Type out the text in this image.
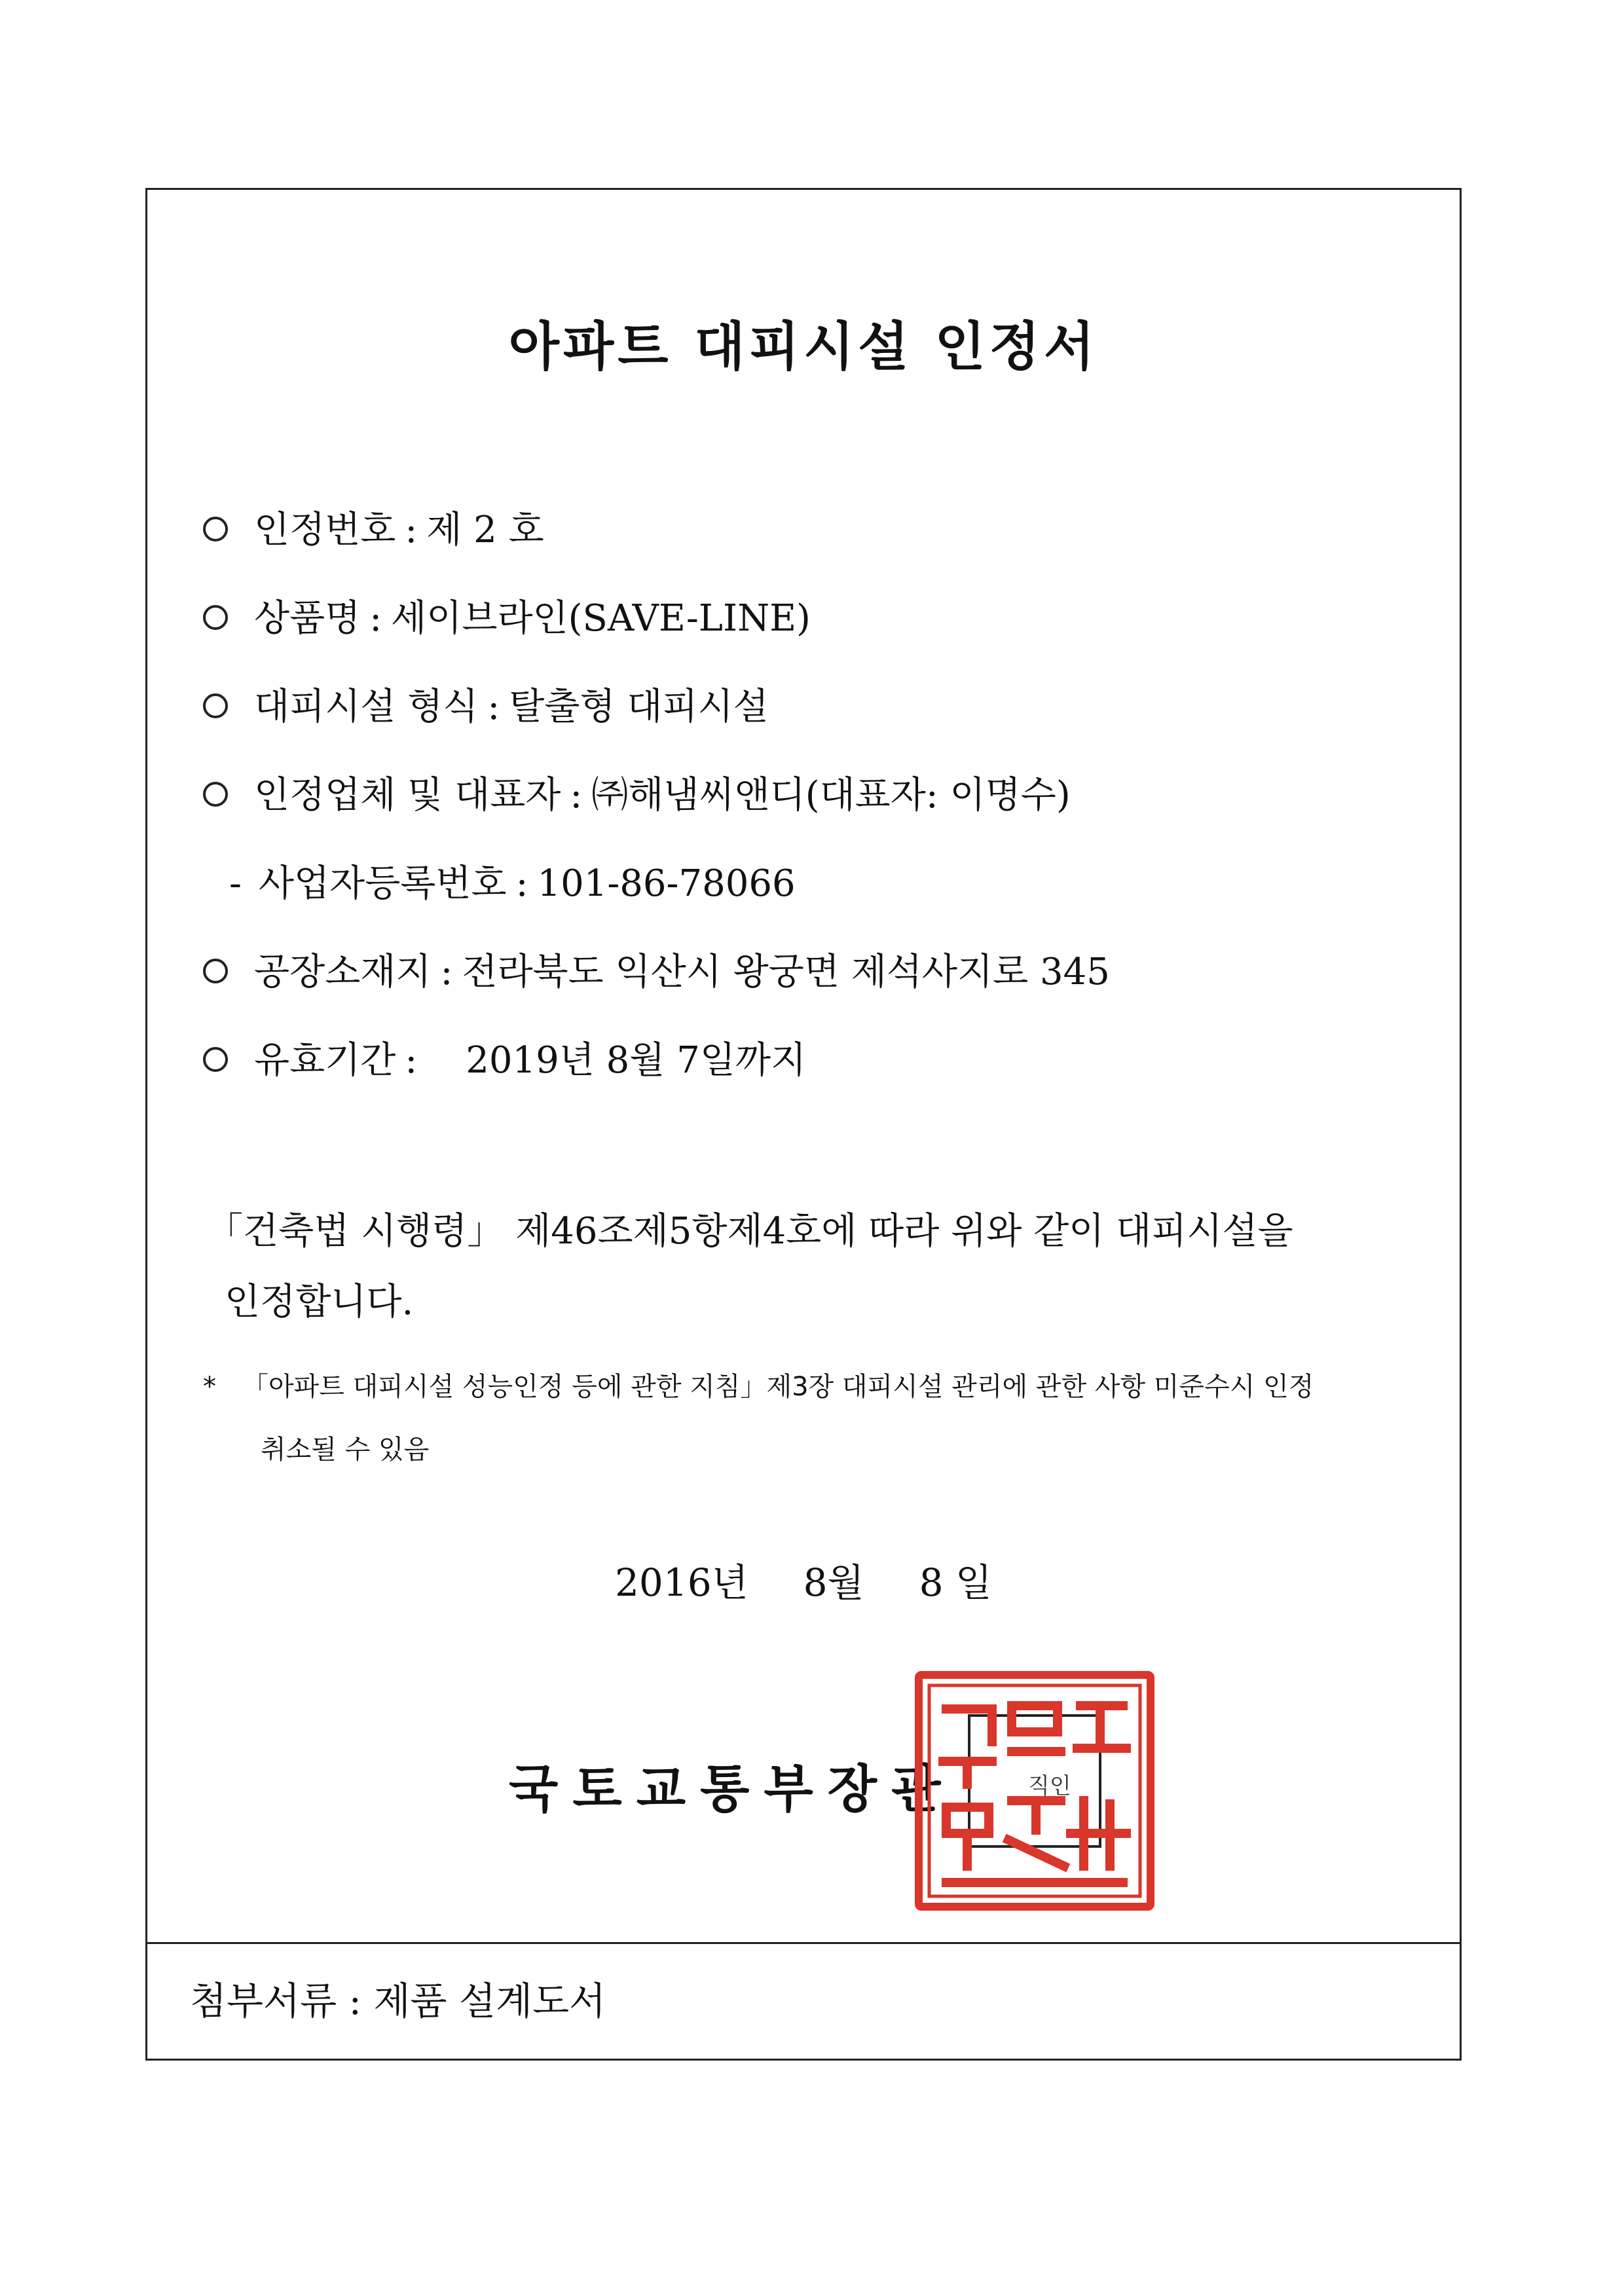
아파트 대피시설 인정서
인정번호 : 제 2 호
상품명 : 세이브라인(SAVE-LINE)
대피시설 형식 : 탈출형 대피시설
인정업체 및 대표자 : ㈜해냄씨앤디(대표자: 이명수)
- 사업자등록번호 : 101-86-78066
공장소재지 : 전라북도 익산시 왕궁면 제석사지로 345
유효기간 : 2019년 8월 7일까지
「건축법 시행령」 제46조제5항제4호에 따라 위와 같이 대피시설을
인정합니다.
* 「아파트 대피시설 성능인정 등에 관한 지침」제3장 대피시설 관리에 관한 사항 미준수시 인정
취소될 수 있음
2016년 8월 8 일
국토교통부장관	직인
첨부서류 : 제품 설계도서
